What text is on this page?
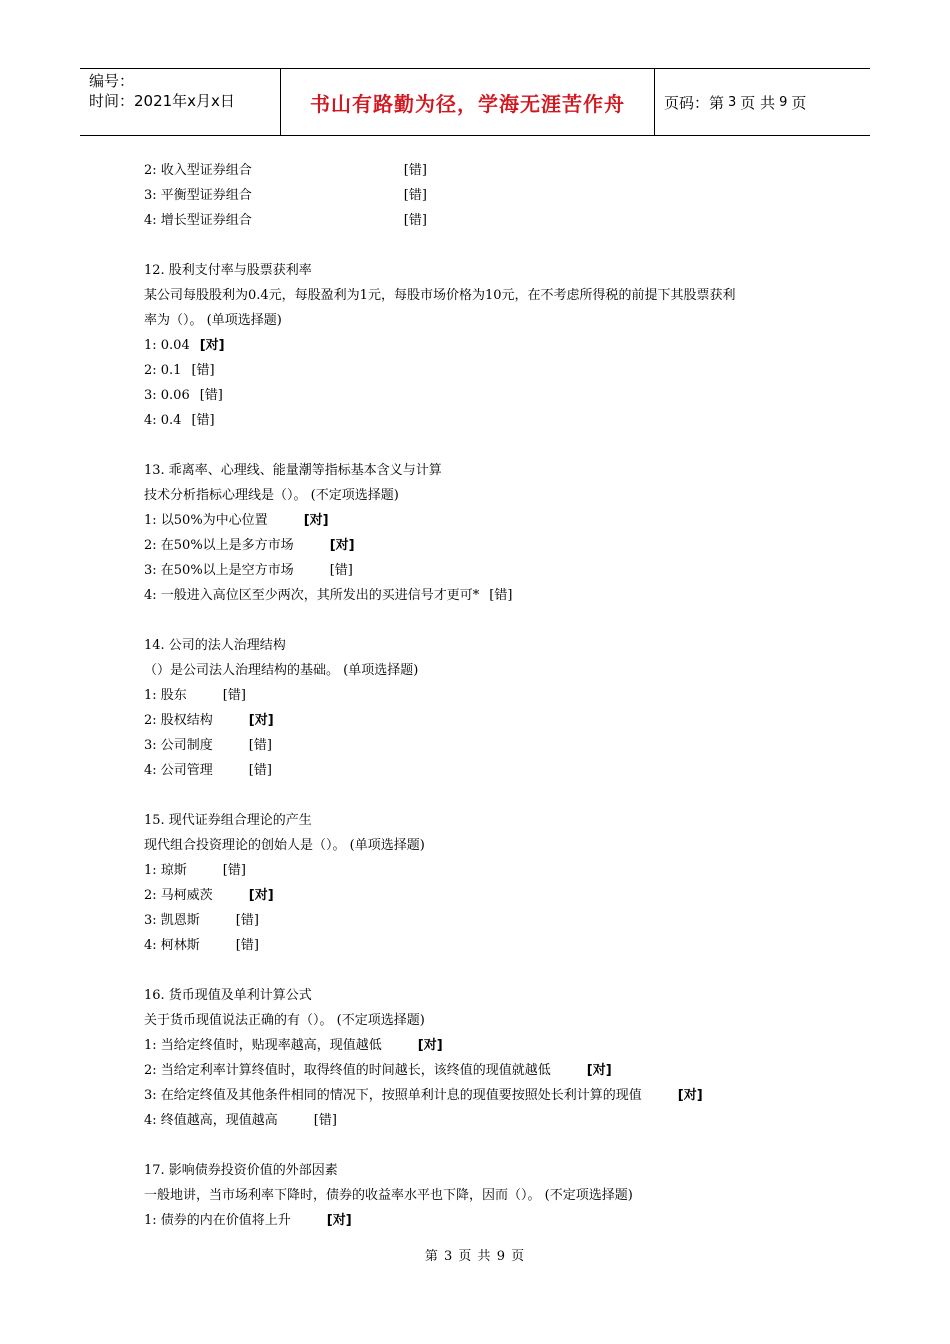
编号：
时间：2021年x月x日	书山有路勤为径，学海无涯苦作舟	页码：第 3 页 共 9 页
2: 收入型证券组合	[错]
3: 平衡型证券组合	[错]
4: 增长型证券组合	[错]
12. 股利支付率与股票获利率
某公司每股股利为0.4元，每股盈利为1元，每股市场价格为10元，在不考虑所得税的前提下其股票获利
率为（）。 (单项选择题)
1: 0.04 [对]
2: 0.1 [错]
3: 0.06 [错]
4: 0.4 [错]
13. 乖离率、心理线、能量潮等指标基本含义与计算
技术分析指标心理线是（）。 (不定项选择题)
1: 以50%为中心位置	[对]
2: 在50%以上是多方市场	[对]
3: 在50%以上是空方市场	[错]
4: 一般进入高位区至少两次，其所发出的买进信号才更可* [错]
14. 公司的法人治理结构
（）是公司法人治理结构的基础。 (单项选择题)
1: 股东	[错]
2: 股权结构	[对]
3: 公司制度	[错]
4: 公司管理	[错]
15. 现代证券组合理论的产生
现代组合投资理论的创始人是（）。 (单项选择题)
1: 琼斯	[错]
2: 马柯威茨	[对]
3: 凯恩斯	[错]
4: 柯林斯	[错]
16. 货币现值及单利计算公式
关于货币现值说法正确的有（）。 (不定项选择题)
1: 当给定终值时，贴现率越高，现值越低	[对]
2: 当给定利率计算终值时，取得终值的时间越长，该终值的现值就越低	[对]
3: 在给定终值及其他条件相同的情况下，按照单利计息的现值要按照处长利计算的现值	[对]
4: 终值越高，现值越高	[错]
17. 影响债券投资价值的外部因素
一般地讲，当市场利率下降时，债券的收益率水平也下降，因而（）。 (不定项选择题)
1: 债券的内在价值将上升	[对]
第 3 页 共 9 页
